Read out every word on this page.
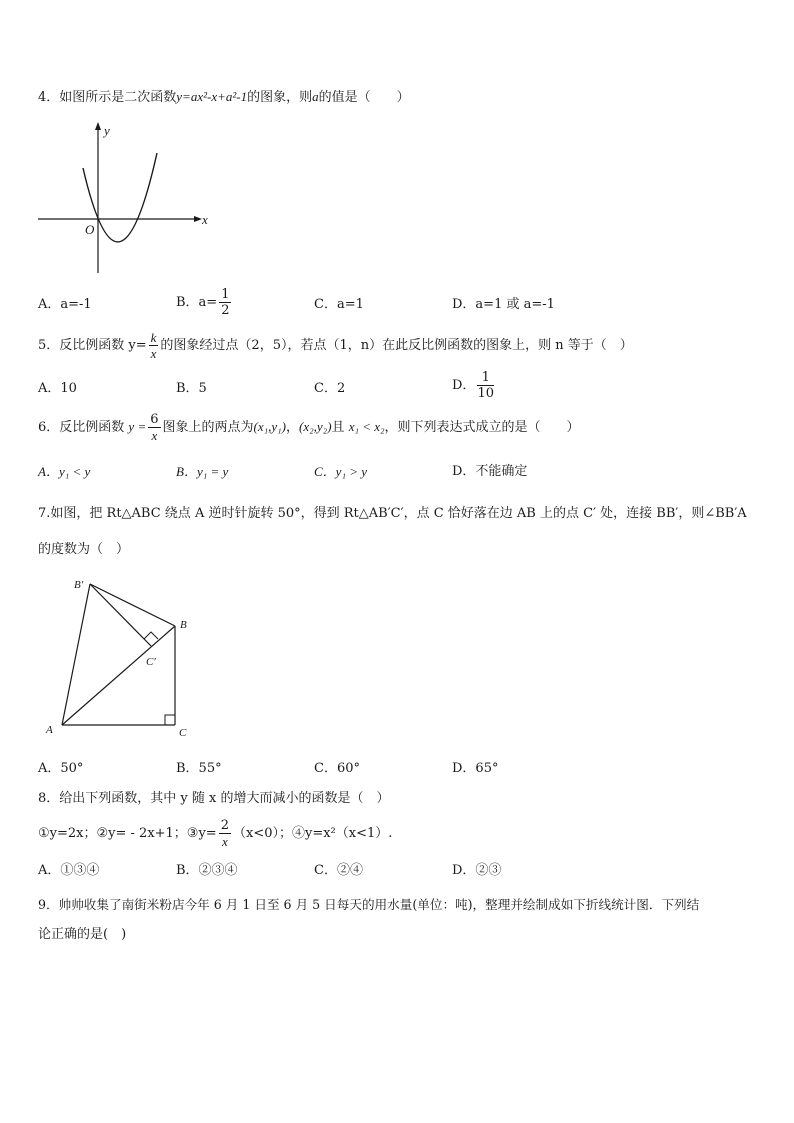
4．如图所示是二次函数y=ax²-x+a²-1的图象，则a的值是（　　）
y
x
O
A．a=-1	B．$a= \frac{1}{2}$	C．a=1	D．a=1 或 a=-1
5．反比例函数 $y= \frac{k}{x}$ 的图象经过点（2，5），若点（1，n）在此反比例函数的图象上，则 n 等于（　）
A．10	B．5	C．2	D． $\frac{1}{10}$
6．反比例函数 $y = \frac{6}{x}$ 图象上的两点为(x₁,y₁)，(x₂,y₂)且 x₁ < x₂，则下列表达式成立的是（　　）
A．y₁ < y	B．y₁ = y	C．y₁ > y	D．不能确定
7.如图，把 Rt△ABC 绕点 A 逆时针旋转 50°，得到 Rt△AB′C′，点 C 恰好落在边 AB 上的点 C′ 处，连接 BB′，则∠BB′A
的度数为（　）
B′
B
C′
A	C
A．50°	B．55°	C．60°	D．65°
8．给出下列函数，其中 y 随 x 的增大而减小的函数是（　）
①y=2x；②y= - 2x+1；③y= $\frac{2}{x} (x<0)$；④y=x²（x<1）.
A．①③④	B．②③④	C．②④	D．②③
9．帅帅收集了南街米粉店今年 6 月 1 日至 6 月 5 日每天的用水量(单位：吨)，整理并绘制成如下折线统计图．下列结
论正确的是(　)
